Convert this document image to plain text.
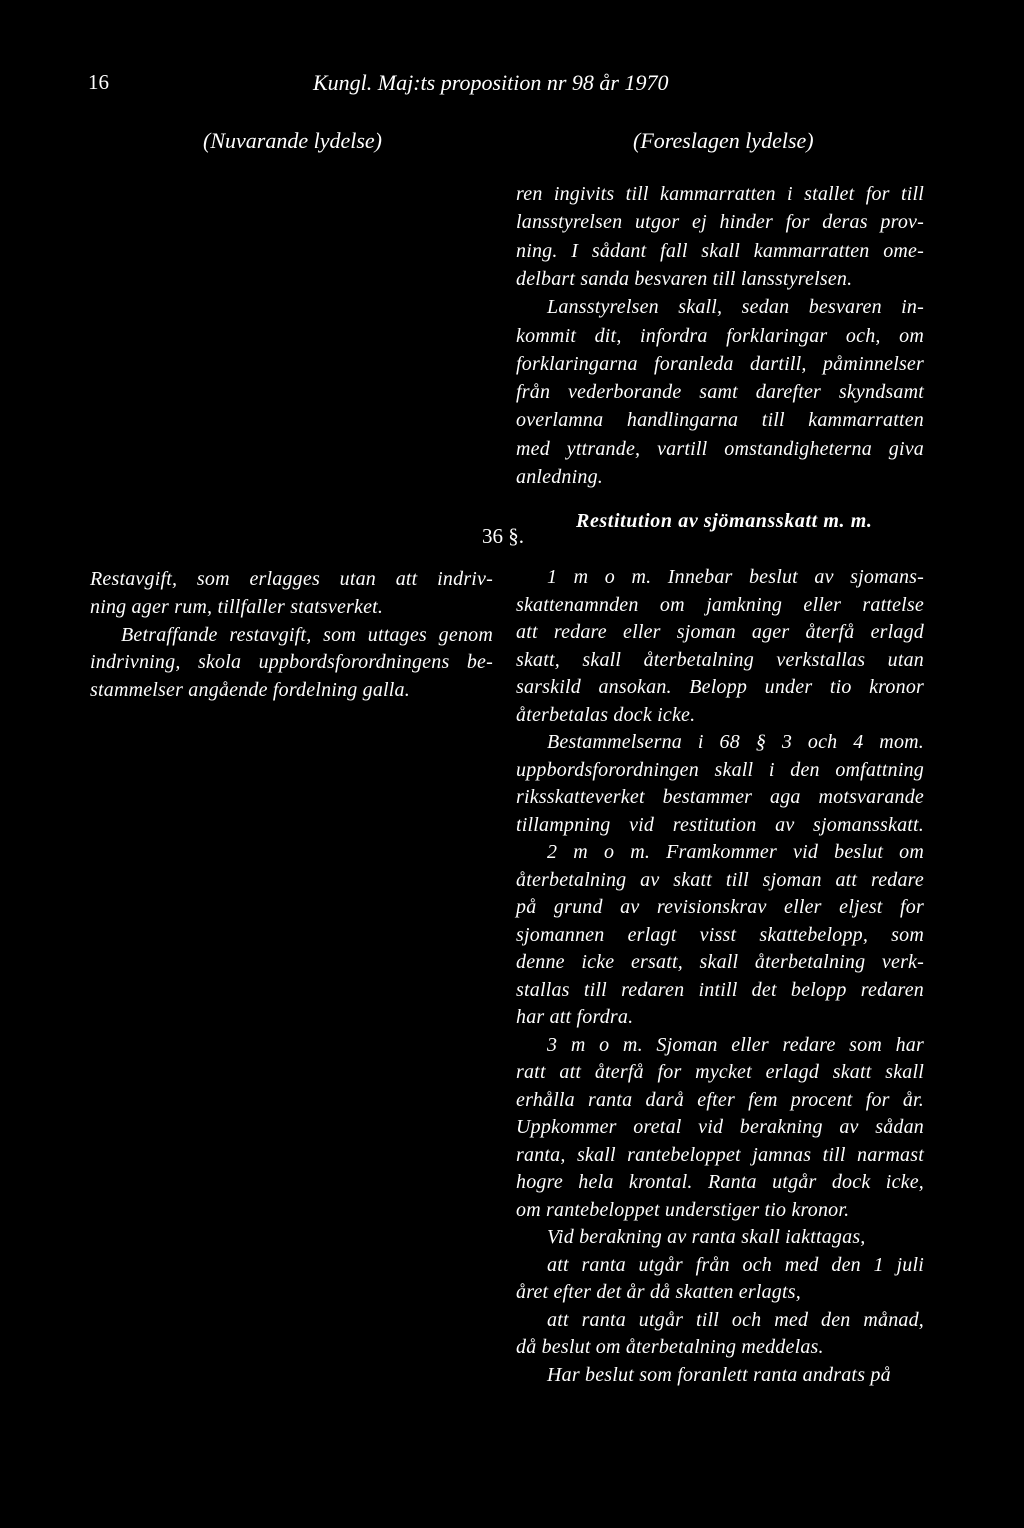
16	Kungl. Maj:ts proposition nr 98 år 1970
(Nuvarande lydelse)	(Foreslagen lydelse)
ren ingivits till kammarratten i stallet for till
lansstyrelsen utgor ej hinder for deras prov-
ning. I sådant fall skall kammarratten ome-
delbart sanda besvaren till lansstyrelsen.
Lansstyrelsen skall, sedan besvaren in-
kommit dit, infordra forklaringar och, om
forklaringarna foranleda dartill, påminnelser
från vederborande samt darefter skyndsamt
overlamna handlingarna till kammarratten
med yttrande, vartill omstandigheterna giva
anledning.
36 §.
Restitution av sjömansskatt m. m.
Restavgift, som erlagges utan att indriv-
ning ager rum, tillfaller statsverket.
Betraffande restavgift, som uttages genom
indrivning, skola uppbordsforordningens be-
stammelser angående fordelning galla.
1 m o m. Innebar beslut av sjomans-
skattenamnden om jamkning eller rattelse
att redare eller sjoman ager återfå erlagd
skatt, skall återbetalning verkstallas utan
sarskild ansokan. Belopp under tio kronor
återbetalas dock icke.
Bestammelserna i 68 § 3 och 4 mom.
uppbordsforordningen skall i den omfattning
riksskatteverket bestammer aga motsvarande
tillampning vid restitution av sjomansskatt.
2 m o m. Framkommer vid beslut om
återbetalning av skatt till sjoman att redare
på grund av revisionskrav eller eljest for
sjomannen erlagt visst skattebelopp, som
denne icke ersatt, skall återbetalning verk-
stallas till redaren intill det belopp redaren
har att fordra.
3 m o m. Sjoman eller redare som har
ratt att återfå for mycket erlagd skatt skall
erhålla ranta darå efter fem procent for år.
Uppkommer oretal vid berakning av sådan
ranta, skall rantebeloppet jamnas till narmast
hogre hela krontal. Ranta utgår dock icke,
om rantebeloppet understiger tio kronor.
Vid berakning av ranta skall iakttagas,
att ranta utgår från och med den 1 juli
året efter det år då skatten erlagts,
att ranta utgår till och med den månad,
då beslut om återbetalning meddelas.
Har beslut som foranlett ranta andrats på
